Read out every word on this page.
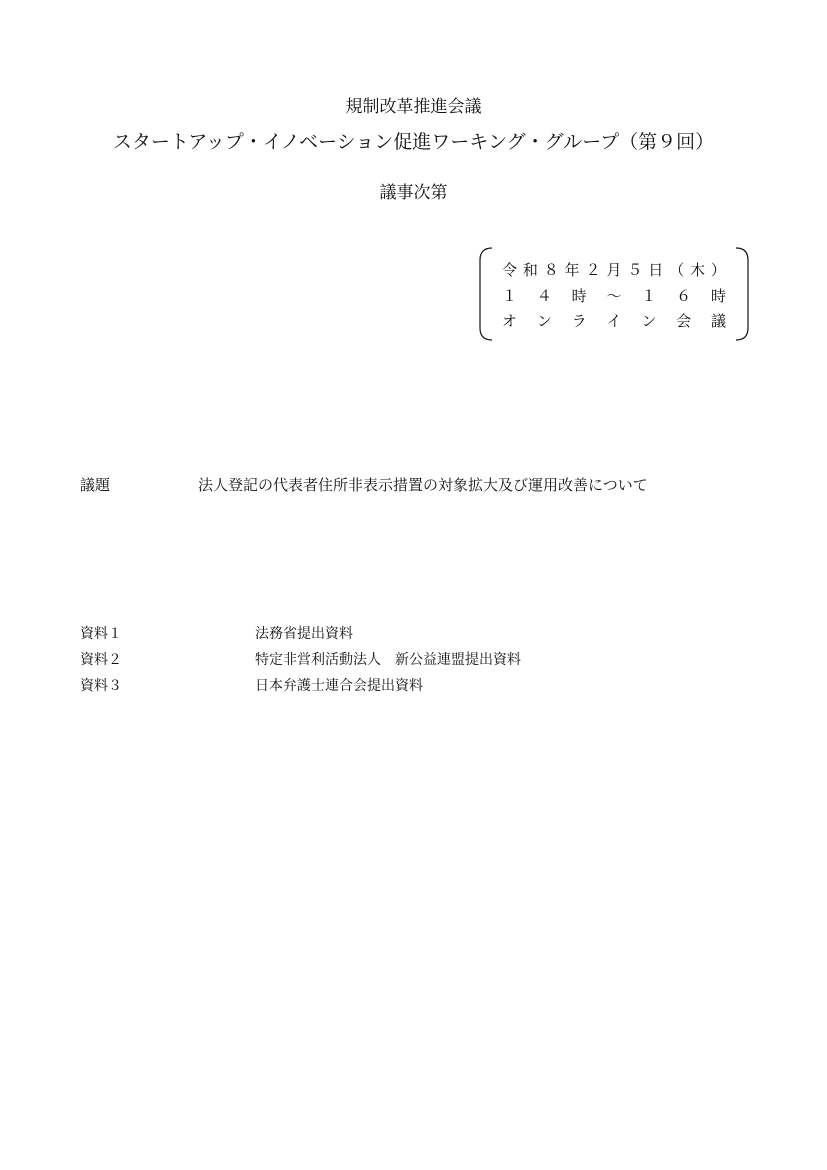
規制改革推進会議
スタートアップ・イノベーション促進ワーキング・グループ（第９回）
議事次第
令 和 ８ 年 ２ 月 ５ 日 （ 木 ）
１ ４ 時 〜 １ ６ 時
オ ン ラ イ ン 会 議
議題	法人登記の代表者住所非表示措置の対象拡大及び運用改善について
資料１	法務省提出資料
資料２	特定非営利活動法人　新公益連盟提出資料
資料３	日本弁護士連合会提出資料
